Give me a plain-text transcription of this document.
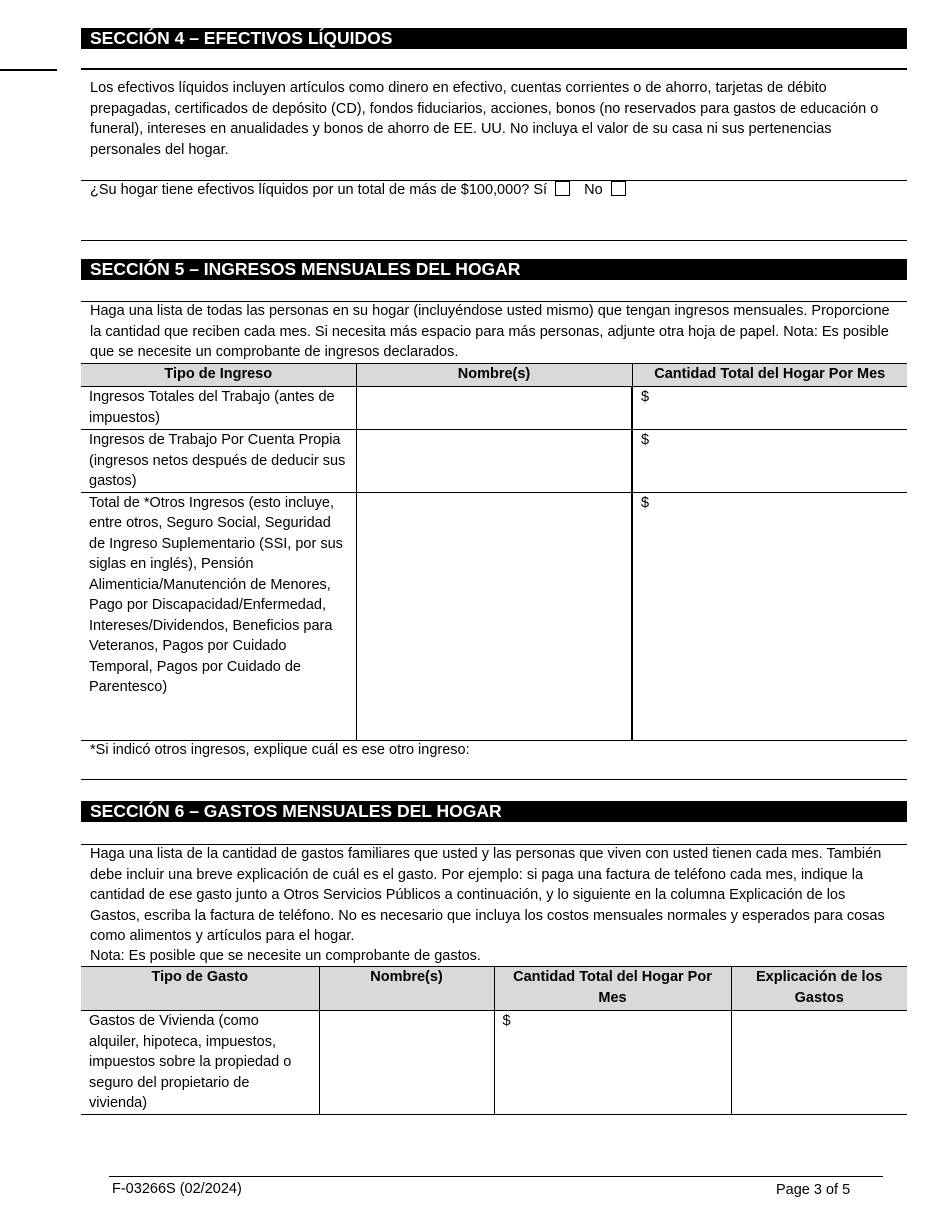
SECCIÓN 4 – EFECTIVOS LÍQUIDOS
Los efectivos líquidos incluyen artículos como dinero en efectivo, cuentas corrientes o de ahorro, tarjetas de débito prepagadas, certificados de depósito (CD), fondos fiduciarios, acciones, bonos (no reservados para gastos de educación o funeral), intereses en anualidades y bonos de ahorro de EE. UU. No incluya el valor de su casa ni sus pertenencias personales del hogar.
¿Su hogar tiene efectivos líquidos por un total de más de $100,000? Sí	No
SECCIÓN 5 – INGRESOS MENSUALES DEL HOGAR
Haga una lista de todas las personas en su hogar (incluyéndose usted mismo) que tengan ingresos mensuales. Proporcione la cantidad que reciben cada mes. Si necesita más espacio para más personas, adjunte otra hoja de papel. Nota: Es posible que se necesite un comprobante de ingresos declarados.
Tipo de Ingreso	Nombre(s)	Cantidad Total del Hogar Por Mes
Ingresos Totales del Trabajo (antes de impuestos)		$
Ingresos de Trabajo Por Cuenta Propia (ingresos netos después de deducir sus gastos)		$
Total de *Otros Ingresos (esto incluye, entre otros, Seguro Social, Seguridad de Ingreso Suplementario (SSI, por sus siglas en inglés), Pensión Alimenticia/Manutención de Menores, Pago por Discapacidad/Enfermedad, Intereses/Dividendos, Beneficios para Veteranos, Pagos por Cuidado Temporal, Pagos por Cuidado de Parentesco)		$
*Si indicó otros ingresos, explique cuál es ese otro ingreso:
SECCIÓN 6 – GASTOS MENSUALES DEL HOGAR
Haga una lista de la cantidad de gastos familiares que usted y las personas que viven con usted tienen cada mes. También debe incluir una breve explicación de cuál es el gasto. Por ejemplo: si paga una factura de teléfono cada mes, indique la cantidad de ese gasto junto a Otros Servicios Públicos a continuación, y lo siguiente en la columna Explicación de los Gastos, escriba la factura de teléfono. No es necesario que incluya los costos mensuales normales y esperados para cosas como alimentos y artículos para el hogar.
Nota: Es posible que se necesite un comprobante de gastos.
Tipo de Gasto	Nombre(s)	Cantidad Total del Hogar Por Mes	Explicación de los Gastos
Gastos de Vivienda (como alquiler, hipoteca, impuestos, impuestos sobre la propiedad o seguro del propietario de vivienda)		$	
F-03266S (02/2024)	Page 3 of 5
